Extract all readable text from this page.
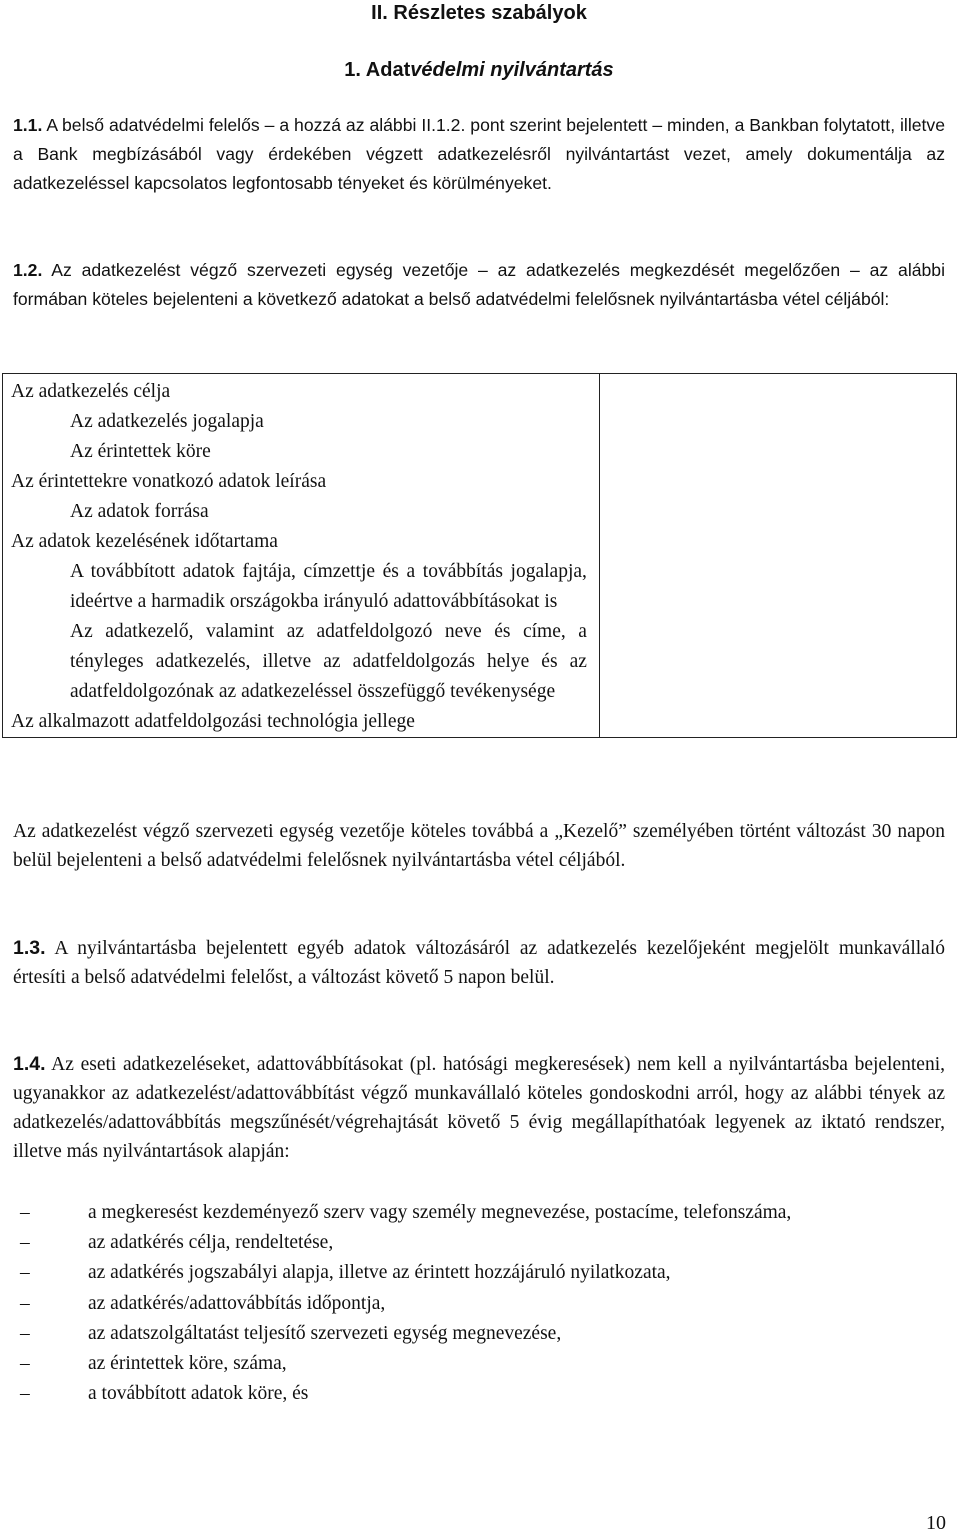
II. Részletes szabályok
1. Adatvédelmi nyilvántartás
1.1. A belső adatvédelmi felelős – a hozzá az alábbi II.1.2. pont szerint bejelentett – minden, a Bankban folytatott, illetve a Bank megbízásából vagy érdekében végzett adatkezelésről nyilvántartást vezet, amely dokumentálja az adatkezeléssel kapcsolatos legfontosabb tényeket és körülményeket.
1.2. Az adatkezelést végző szervezeti egység vezetője – az adatkezelés megkezdését megelőzően – az alábbi formában köteles bejelenteni a következő adatokat a belső adatvédelmi felelősnek nyilvántartásba vétel céljából:
Az adatkezelés célja
Az adatkezelés jogalapja
Az érintettek köre
Az érintettekre vonatkozó adatok leírása
Az adatok forrása
Az adatok kezelésének időtartama
A továbbított adatok fajtája, címzettje és a továbbítás jogalapja, ideértve a harmadik országokba irányuló adattovábbításokat is
Az adatkezelő, valamint az adatfeldolgozó neve és címe, a tényleges adatkezelés, illetve az adatfeldolgozás helye és az adatfeldolgozónak az adatkezeléssel összefüggő tevékenysége
Az alkalmazott adatfeldolgozási technológia jellege

Az adatkezelést végző szervezeti egység vezetője köteles továbbá a „Kezelő” személyében történt változást 30 napon belül bejelenteni a belső adatvédelmi felelősnek nyilvántartásba vétel céljából.
1.3. A nyilvántartásba bejelentett egyéb adatok változásáról az adatkezelés kezelőjeként megjelölt munkavállaló értesíti a belső adatvédelmi felelőst, a változást követő 5 napon belül.
1.4. Az eseti adatkezeléseket, adattovábbításokat (pl. hatósági megkeresések) nem kell a nyilvántartásba bejelenteni, ugyanakkor az adatkezelést/adattovábbítást végző munkavállaló köteles gondoskodni arról, hogy az alábbi tények az adatkezelés/adattovábbítás megszűnését/végrehajtását követő 5 évig megállapíthatóak legyenek az iktató rendszer, illetve más nyilvántartások alapján:
–	a megkeresést kezdeményező szerv vagy személy megnevezése, postacíme, telefonszáma,
–	az adatkérés célja, rendeltetése,
–	az adatkérés jogszabályi alapja, illetve az érintett hozzájáruló nyilatkozata,
–	az adatkérés/adattovábbítás időpontja,
–	az adatszolgáltatást teljesítő szervezeti egység megnevezése,
–	az érintettek köre, száma,
–	a továbbított adatok köre, és
10
